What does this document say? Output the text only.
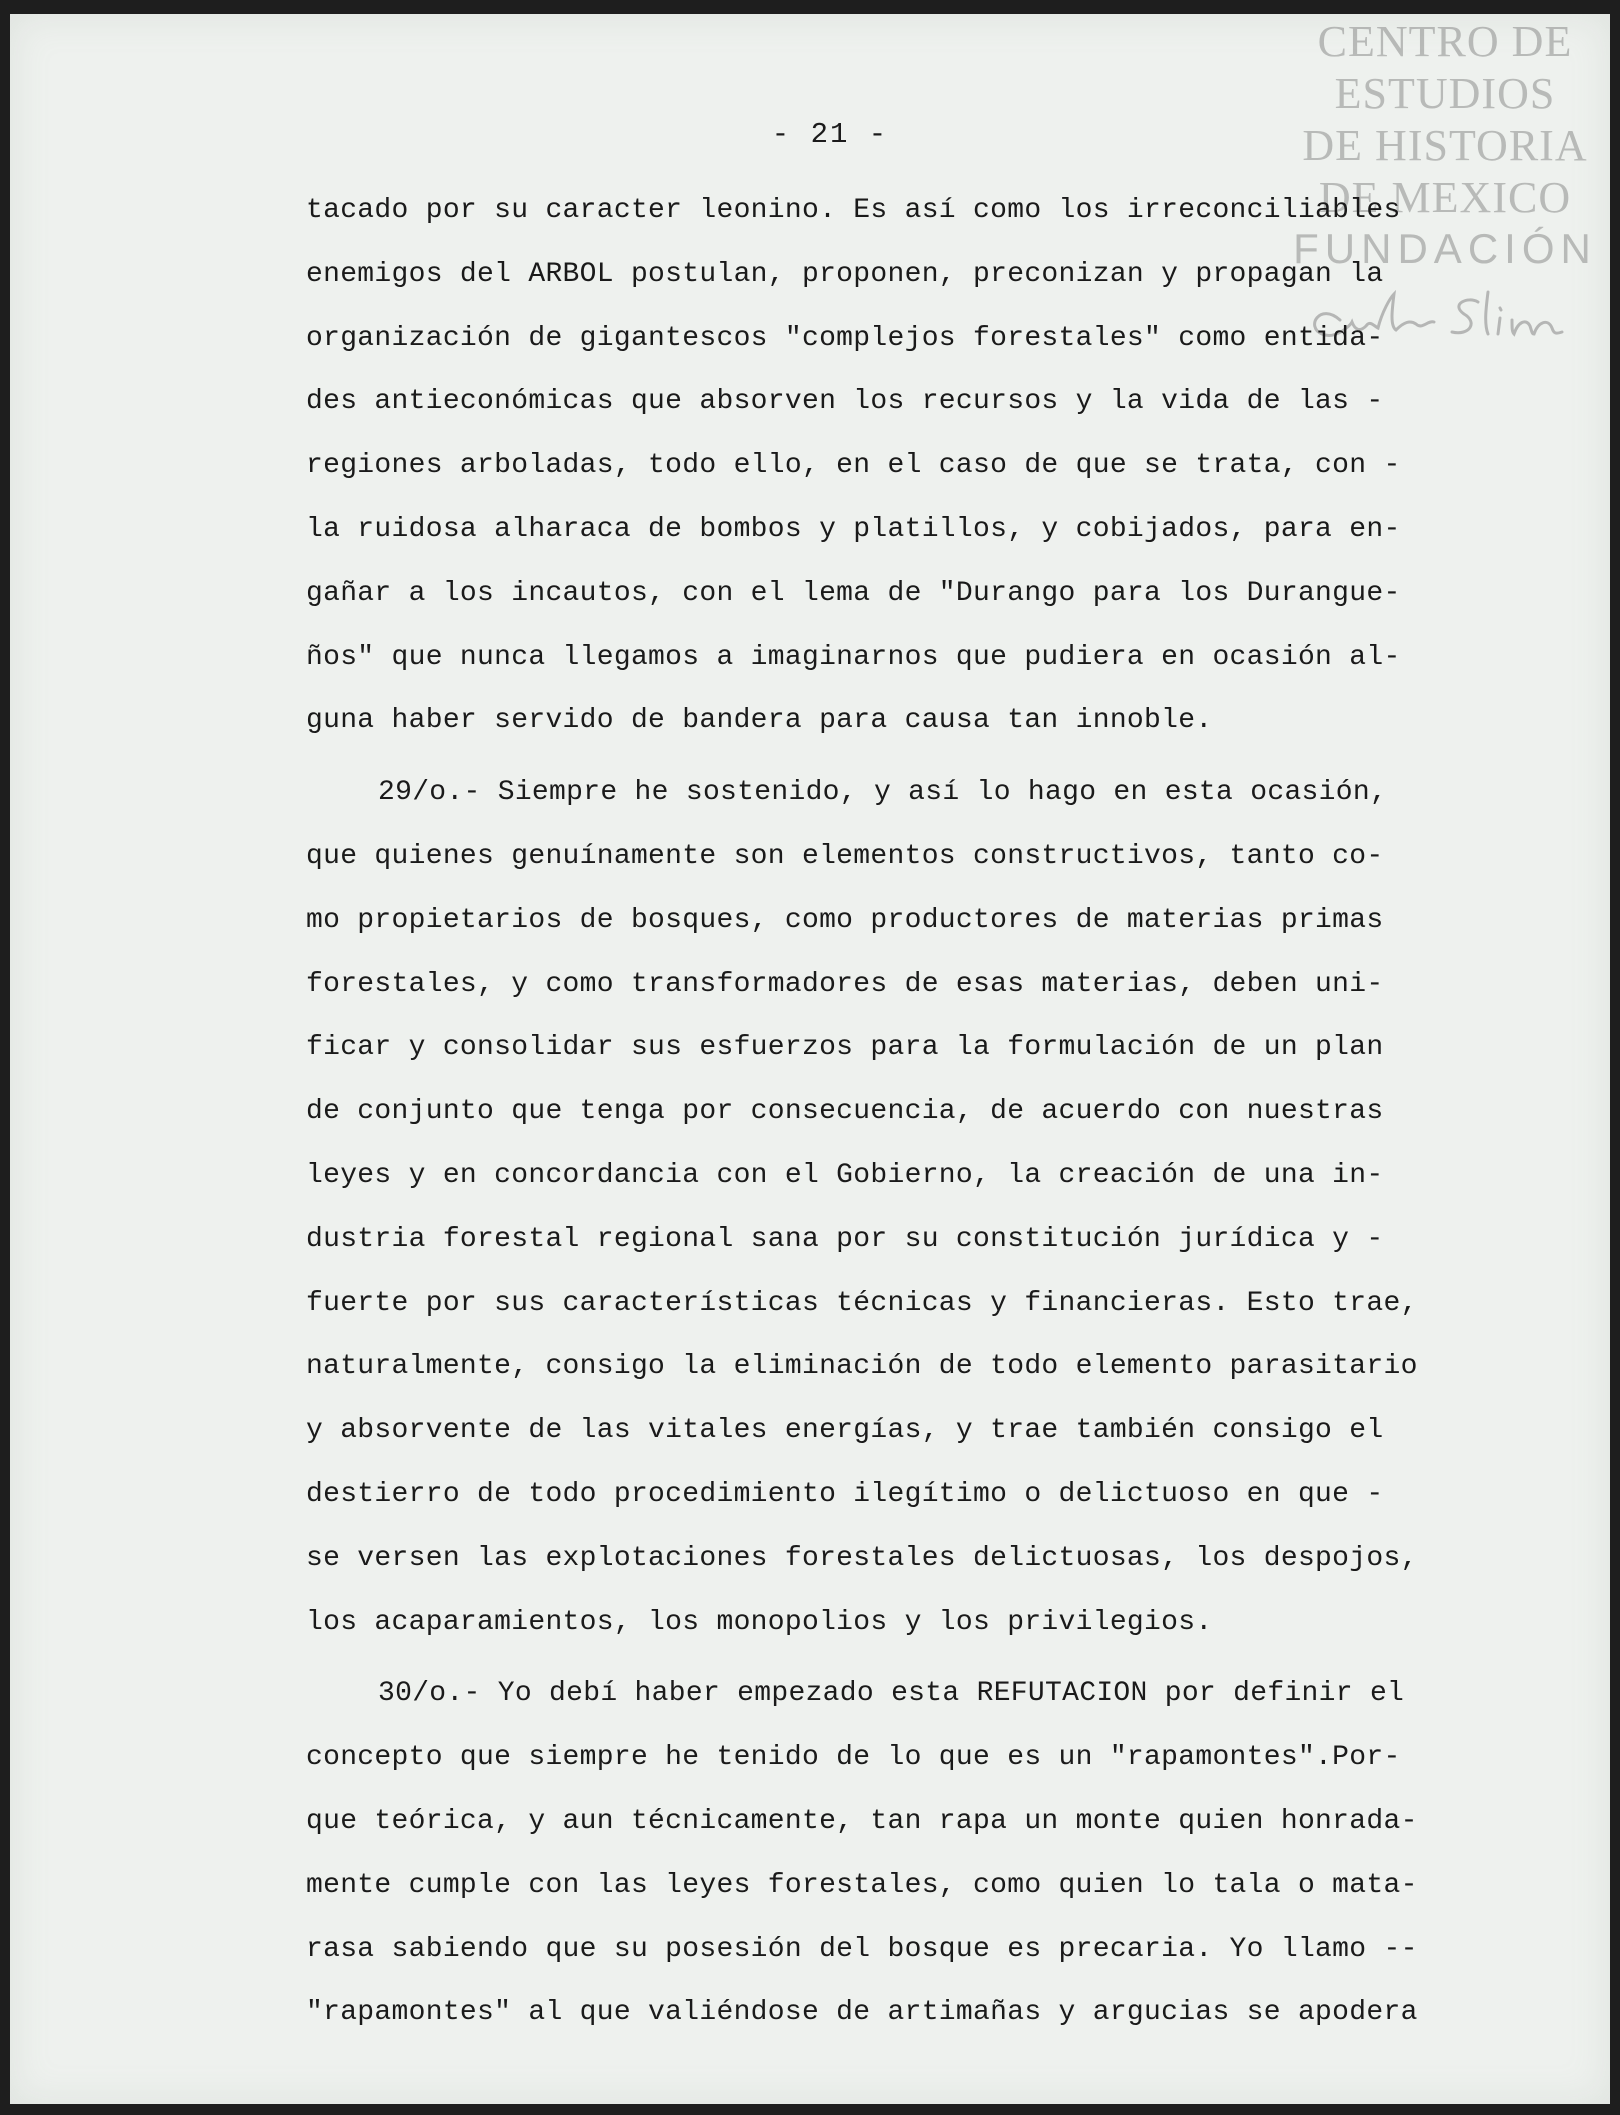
CENTRO DE
ESTUDIOS
DE HISTORIA
DE MEXICO
FUNDACIÓN
- 21 -
tacado por su caracter leonino. Es así como los irreconciliables
enemigos del ARBOL postulan, proponen, preconizan y propagan la
organización de gigantescos "complejos forestales" como entida-
des antieconómicas que absorven los recursos y la vida de las -
regiones arboladas, todo ello, en el caso de que se trata, con -
la ruidosa alharaca de bombos y platillos, y cobijados, para en-
gañar a los incautos, con el lema de "Durango para los Durangue-
ños" que nunca llegamos a imaginarnos que pudiera en ocasión al-
guna haber servido de bandera para causa tan innoble.
29/o.- Siempre he sostenido, y así lo hago en esta ocasión,
que quienes genuínamente son elementos constructivos, tanto co-
mo propietarios de bosques, como productores de materias primas
forestales, y como transformadores de esas materias, deben uni-
ficar y consolidar sus esfuerzos para la formulación de un plan
de conjunto que tenga por consecuencia, de acuerdo con nuestras
leyes y en concordancia con el Gobierno, la creación de una in-
dustria forestal regional sana por su constitución jurídica y -
fuerte por sus características técnicas y financieras. Esto trae,
naturalmente, consigo la eliminación de todo elemento parasitario
y absorvente de las vitales energías, y trae también consigo el
destierro de todo procedimiento ilegítimo o delictuoso en que -
se versen las explotaciones forestales delictuosas, los despojos,
los acaparamientos, los monopolios y los privilegios.
30/o.- Yo debí haber empezado esta REFUTACION por definir el
concepto que siempre he tenido de lo que es un "rapamontes".Por-
que teórica, y aun técnicamente, tan rapa un monte quien honrada-
mente cumple con las leyes forestales, como quien lo tala o mata-
rasa sabiendo que su posesión del bosque es precaria. Yo llamo --
"rapamontes" al que valiéndose de artimañas y argucias se apodera
